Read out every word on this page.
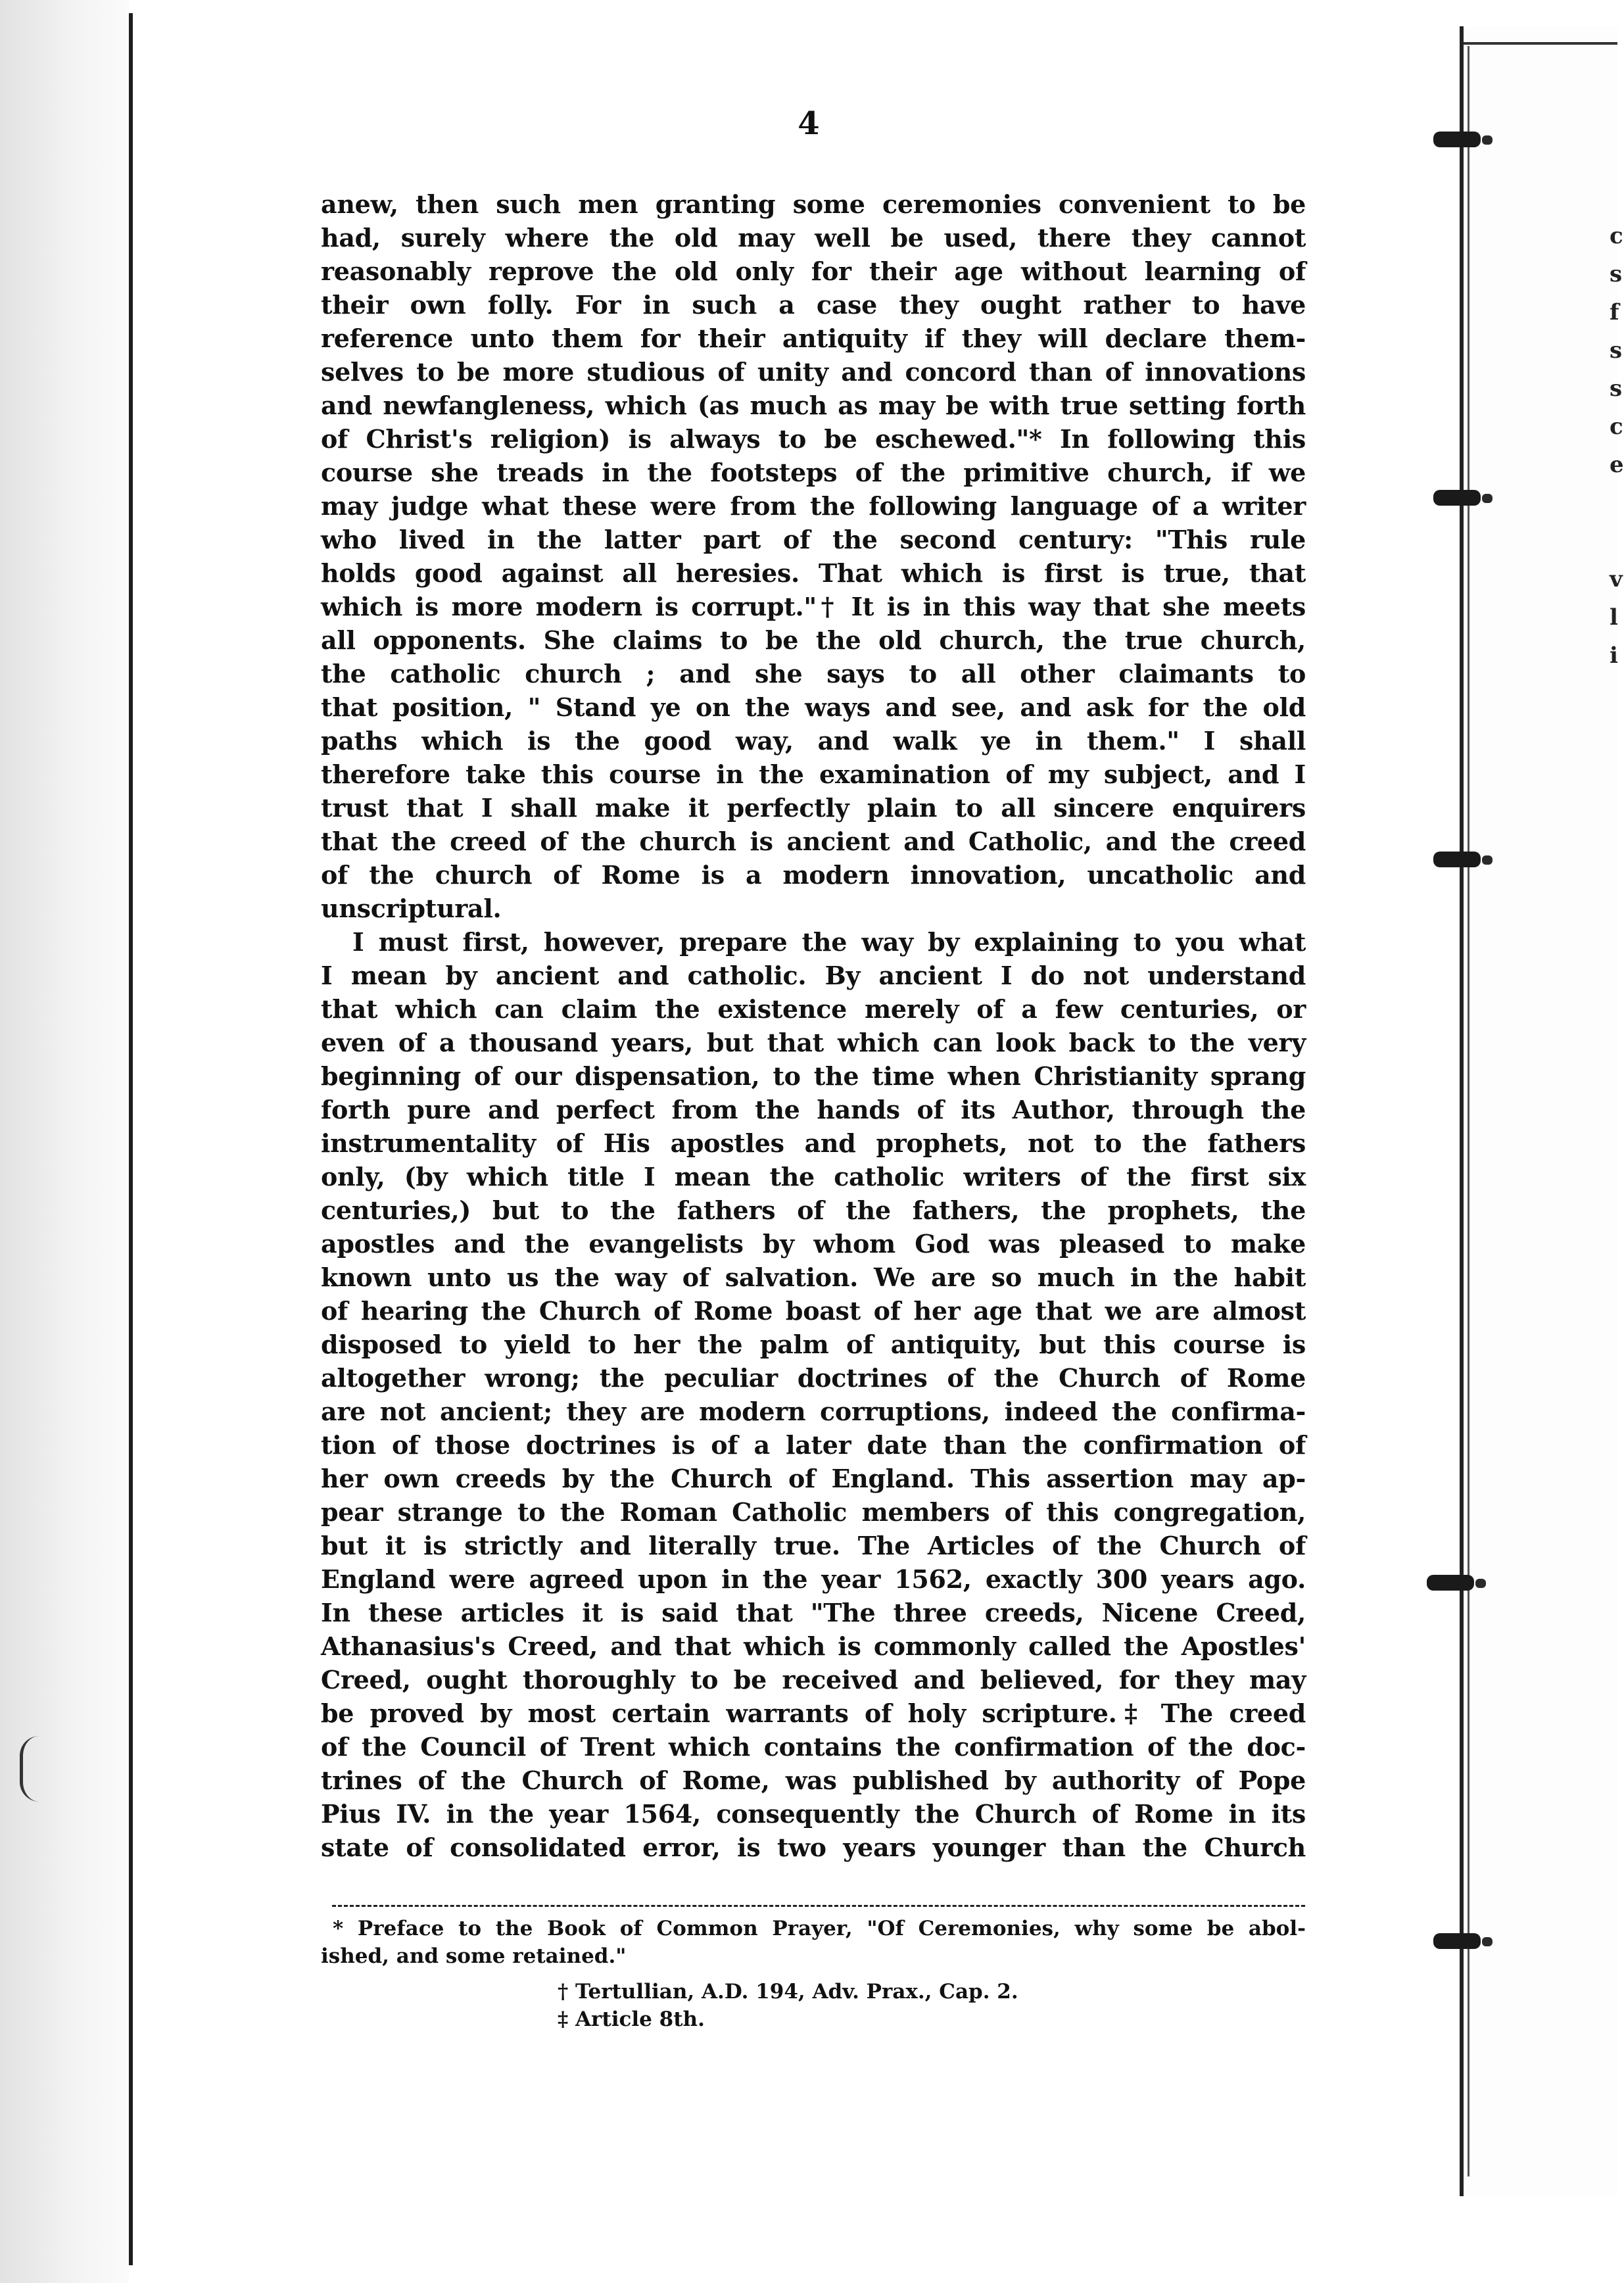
c
s
f
s
s
c
e

v
l
i
4
anew, then such men granting some ceremonies convenient to be
had, surely where the old may well be used, there they cannot
reasonably reprove the old only for their age without learning of
their own folly. For in such a case they ought rather to have
reference unto them for their antiquity if they will declare them-
selves to be more studious of unity and concord than of innovations
and newfangleness, which (as much as may be with true setting forth
of Christ's religion) is always to be eschewed."* In following this
course she treads in the footsteps of the primitive church, if we
may judge what these were from the following language of a writer
who lived in the latter part of the second century: "This rule
holds good against all heresies. That which is first is true, that
which is more modern is corrupt."† It is in this way that she meets
all opponents. She claims to be the old church, the true church,
the catholic church ; and she says to all other claimants to
that position, " Stand ye on the ways and see, and ask for the old
paths which is the good way, and walk ye in them." I shall
therefore take this course in the examination of my subject, and I
trust that I shall make it perfectly plain to all sincere enquirers
that the creed of the church is ancient and Catholic, and the creed
of the church of Rome is a modern innovation, uncatholic and
unscriptural.
I must first, however, prepare the way by explaining to you what
I mean by ancient and catholic. By ancient I do not understand
that which can claim the existence merely of a few centuries, or
even of a thousand years, but that which can look back to the very
beginning of our dispensation, to the time when Christianity sprang
forth pure and perfect from the hands of its Author, through the
instrumentality of His apostles and prophets, not to the fathers
only, (by which title I mean the catholic writers of the first six
centuries,) but to the fathers of the fathers, the prophets, the
apostles and the evangelists by whom God was pleased to make
known unto us the way of salvation. We are so much in the habit
of hearing the Church of Rome boast of her age that we are almost
disposed to yield to her the palm of antiquity, but this course is
altogether wrong; the peculiar doctrines of the Church of Rome
are not ancient; they are modern corruptions, indeed the confirma-
tion of those doctrines is of a later date than the confirmation of
her own creeds by the Church of England. This assertion may ap-
pear strange to the Roman Catholic members of this congregation,
but it is strictly and literally true. The Articles of the Church of
England were agreed upon in the year 1562, exactly 300 years ago.
In these articles it is said that "The three creeds, Nicene Creed,
Athanasius's Creed, and that which is commonly called the Apostles'
Creed, ought thoroughly to be received and believed, for they may
be proved by most certain warrants of holy scripture.‡ The creed
of the Council of Trent which contains the confirmation of the doc-
trines of the Church of Rome, was published by authority of Pope
Pius IV. in the year 1564, consequently the Church of Rome in its
state of consolidated error, is two years younger than the Church
* Preface to the Book of Common Prayer, "Of Ceremonies, why some be abol-
ished, and some retained."
† Tertullian, A.D. 194, Adv. Prax., Cap. 2.
‡ Article 8th.
